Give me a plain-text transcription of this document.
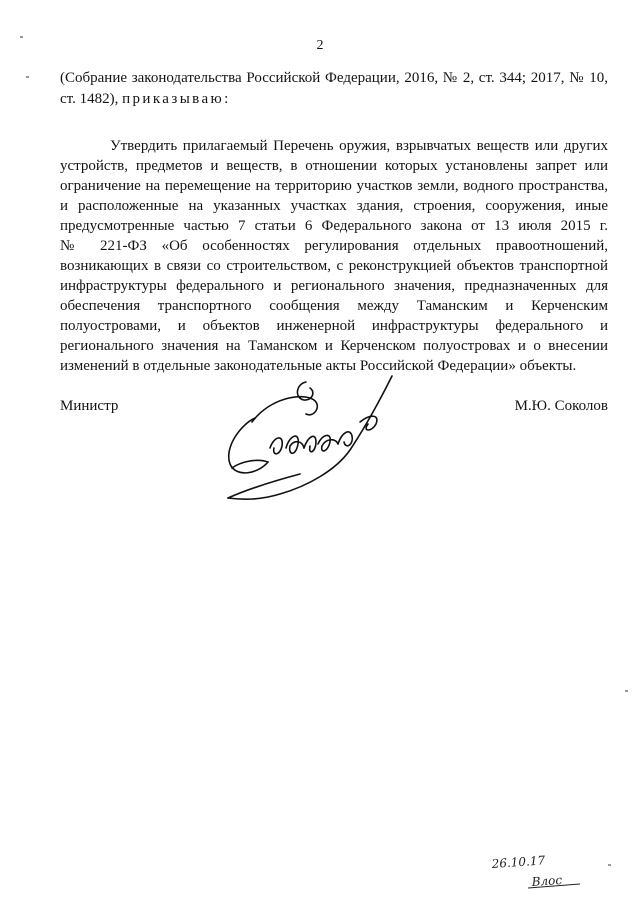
2

(Собрание законодательства Российской Федерации, 2016, № 2, ст. 344; 2017, № 10, ст. 1482), приказываю:

Утвердить прилагаемый Перечень оружия, взрывчатых веществ или других
устройств, предметов и веществ, в отношении которых установлены запрет или
ограничение на перемещение на территорию участков земли, водного пространства,
и расположенные на указанных участках здания, строения, сооружения, иные
предусмотренные частью 7 статьи 6 Федерального закона от 13 июля 2015 г.
№ 221-ФЗ «Об особенностях регулирования отдельных правоотношений,
возникающих в связи со строительством, с реконструкцией объектов транспортной
инфраструктуры федерального и регионального значения, предназначенных для
обеспечения транспортного сообщения между Таманским и Керченским
полуостровами, и объектов инженерной инфраструктуры федерального и
регионального значения на Таманском и Керченском полуостровах и о внесении
изменений в отдельные законодательные акты Российской Федерации» объекты.
Министр	М.Ю. Соколов
26.10.17
Влос
